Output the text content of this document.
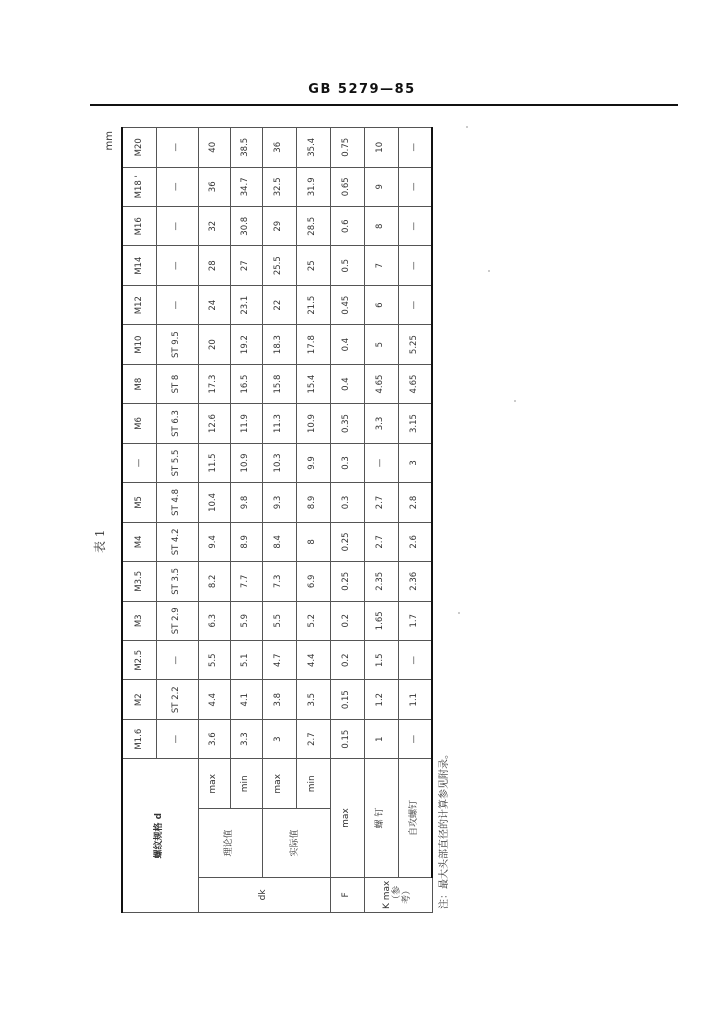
GB 5279—85
表 1
mm
螺纹规格 d			M1.6	M2	M2.5	M3	M3.5	M4	M5	—	M6	M8	M10	M12	M14	M16	M18 '	M20
			—	ST 2.2	—	ST 2.9	ST 3.5	ST 4.2	ST 4.8	ST 5.5	ST 6.3	ST 8	ST 9.5	—	—	—	—	—
dk	理论值	max	3.6	4.4	5.5	6.3	8.2	9.4	10.4	11.5	12.6	17.3	20	24	28	32	36	40
		min	3.3	4.1	5.1	5.9	7.7	8.9	9.8	10.9	11.9	16.5	19.2	23.1	27	30.8	34.7	38.5
	实际值	max	3	3.8	4.7	5.5	7.3	8.4	9.3	10.3	11.3	15.8	18.3	22	25.5	29	32.5	36
		min	2.7	3.5	4.4	5.2	6.9	8	8.9	9.9	10.9	15.4	17.8	21.5	25	28.5	31.9	35.4
F	max		0.15	0.15	0.2	0.2	0.25	0.25	0.3	0.3	0.35	0.4	0.4	0.45	0.5	0.6	0.65	0.75
K max
（参 考）	螺 钉		1	1.2	1.5	1.65	2.35	2.7	2.7	—	3.3	4.65	5	6	7	8	9	10
	自攻螺钉		—	1.1	—	1.7	2.36	2.6	2.8	3	3.15	4.65	5.25	—	—	—	—	—
注：最大头部直径的计算参见附录。
